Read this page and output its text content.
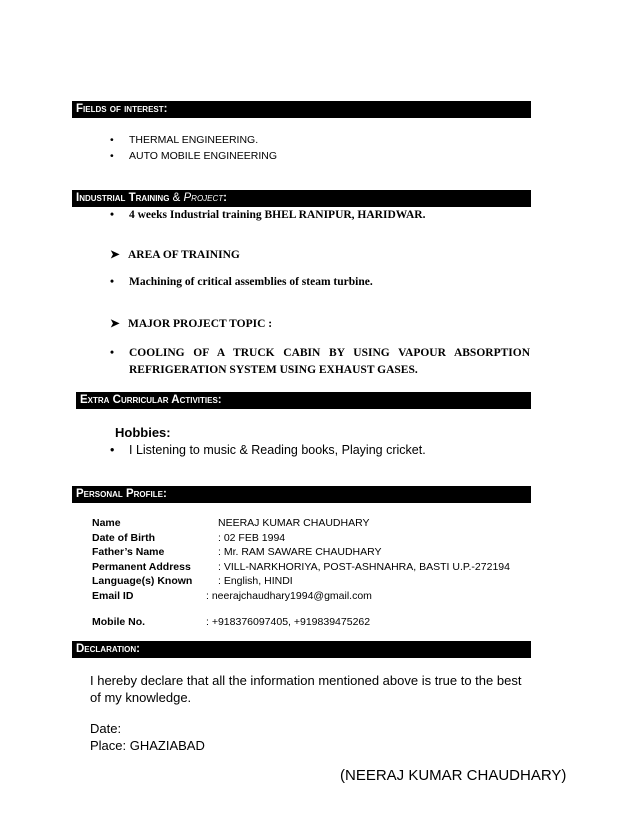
Fields of interest:
• THERMAL ENGINEERING.
• AUTO MOBILE ENGINEERING
Industrial Training & Project:
• 4 weeks Industrial training BHEL RANIPUR, HARIDWAR.
➤ AREA OF TRAINING
• Machining of critical assemblies of steam turbine.
➤ MAJOR PROJECT TOPIC :
• COOLING OF A TRUCK CABIN BY USING VAPOUR ABSORPTION REFRIGERATION SYSTEM USING EXHAUST GASES.
Extra Curricular Activities:
Hobbies:
• I Listening to music & Reading books, Playing cricket.
Personal Profile:
Name	NEERAJ KUMAR CHAUDHARY
Date of Birth	: 02 FEB 1994
Father’s Name	: Mr. RAM SAWARE CHAUDHARY
Permanent Address	: VILL-NARKHORIYA, POST-ASHNAHRA, BASTI U.P.-272194
Language(s) Known : English, HINDI
Email ID	: neerajchaudhary1994@gmail.com
Mobile No.	: +918376097405, +919839475262
Declaration:
I hereby declare that all the information mentioned above is true to the best of my knowledge.
Date:
Place: GHAZIABAD
(NEERAJ KUMAR CHAUDHARY)
